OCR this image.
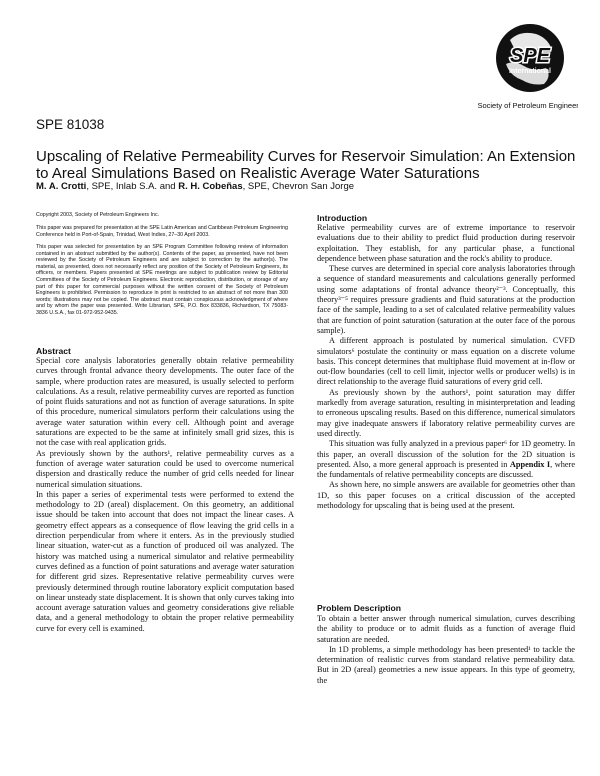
SPE
International
Society of Petroleum Engineers
SPE 81038
Upscaling of Relative Permeability Curves for Reservoir Simulation: An Extension to Areal Simulations Based on Realistic Average Water Saturations
M. A. Crotti, SPE, Inlab S.A. and R. H. Cobeñas, SPE, Chevron San Jorge
Copyright 2003, Society of Petroleum Engineers Inc.
This paper was prepared for presentation at the SPE Latin American and Caribbean Petroleum Engineering Conference held in Port-of-Spain, Trinidad, West Indies, 27–30 April 2003.
This paper was selected for presentation by an SPE Program Committee following review of information contained in an abstract submitted by the author(s). Contents of the paper, as presented, have not been reviewed by the Society of Petroleum Engineers and are subject to correction by the author(s). The material, as presented, does not necessarily reflect any position of the Society of Petroleum Engineers, its officers, or members. Papers presented at SPE meetings are subject to publication review by Editorial Committees of the Society of Petroleum Engineers. Electronic reproduction, distribution, or storage of any part of this paper for commercial purposes without the written consent of the Society of Petroleum Engineers is prohibited. Permission to reproduce in print is restricted to an abstract of not more than 300 words; illustrations may not be copied. The abstract must contain conspicuous acknowledgment of where and by whom the paper was presented. Write Librarian, SPE, P.O. Box 833836, Richardson, TX 75083-3836 U.S.A., fax 01-972-952-9435.
Abstract

Special core analysis laboratories generally obtain relative permeability curves through frontal advance theory developments. The outer face of the sample, where production rates are measured, is usually selected to perform calculations. As a result, relative permeability curves are reported as function of point fluids saturations and not as function of average saturations. In spite of this procedure, numerical simulators perform their calculations using the average water saturation within every cell. Although point and average saturations are expected to be the same at infinitely small grid sizes, this is not the case with real application grids.

As previously shown by the authors¹, relative permeability curves as a function of average water saturation could be used to overcome numerical dispersion and drastically reduce the number of grid cells needed for linear numerical simulation situations.

In this paper a series of experimental tests were performed to extend the methodology to 2D (areal) displacement. On this geometry, an additional issue should be taken into account that does not impact the linear cases. A geometry effect appears as a consequence of flow leaving the grid cells in a direction perpendicular from where it enters. As in the previously studied linear situation, water-cut as a function of produced oil was analyzed. The history was matched using a numerical simulator and relative permeability curves defined as a function of point saturations and average water saturation for different grid sizes. Representative relative permeability curves were previously determined through routine laboratory explicit computation based on linear unsteady state displacement. It is shown that only curves taking into account average saturation values and geometry considerations give reliable data, and a general methodology to obtain the proper relative permeability curve for every cell is examined.

Introduction

Relative permeability curves are of extreme importance to reservoir evaluations due to their ability to predict fluid production during reservoir exploitation. They establish, for any particular phase, a functional dependence between phase saturation and the rock's ability to produce.

These curves are determined in special core analysis laboratories through a sequence of standard measurements and calculations generally performed using some adaptations of frontal advance theory²⁻³. Conceptually, this theory³⁻⁵ requires pressure gradients and fluid saturations at the production face of the sample, leading to a set of calculated relative permeability values that are function of point saturation (saturation at the outer face of the porous sample).

A different approach is postulated by numerical simulation. CVFD simulators⁶ postulate the continuity or mass equation on a discrete volume basis. This concept determines that multiphase fluid movement at in-flow or out-flow boundaries (cell to cell limit, injector wells or producer wells) is in direct relationship to the average fluid saturations of every grid cell.

As previously shown by the authors¹, point saturation may differ markedly from average saturation, resulting in misinterpretation and leading to erroneous upscaling results. Based on this difference, numerical simulators may give inadequate answers if laboratory relative permeability curves are used directly.

This situation was fully analyzed in a previous paper⁶ for 1D geometry. In this paper, an overall discussion of the solution for the 2D situation is presented. Also, a more general approach is presented in Appendix I, where the fundamentals of relative permeability concepts are discussed.

As shown here, no simple answers are available for geometries other than 1D, so this paper focuses on a critical discussion of the accepted methodology for upscaling that is being used at the present.

Problem Description

To obtain a better answer through numerical simulation, curves describing the ability to produce or to admit fluids as a function of average fluid saturation are needed.

In 1D problems, a simple methodology has been presented¹ to tackle the determination of realistic curves from standard relative permeability data. But in 2D (areal) geometries a new issue appears. In this type of geometry, the
